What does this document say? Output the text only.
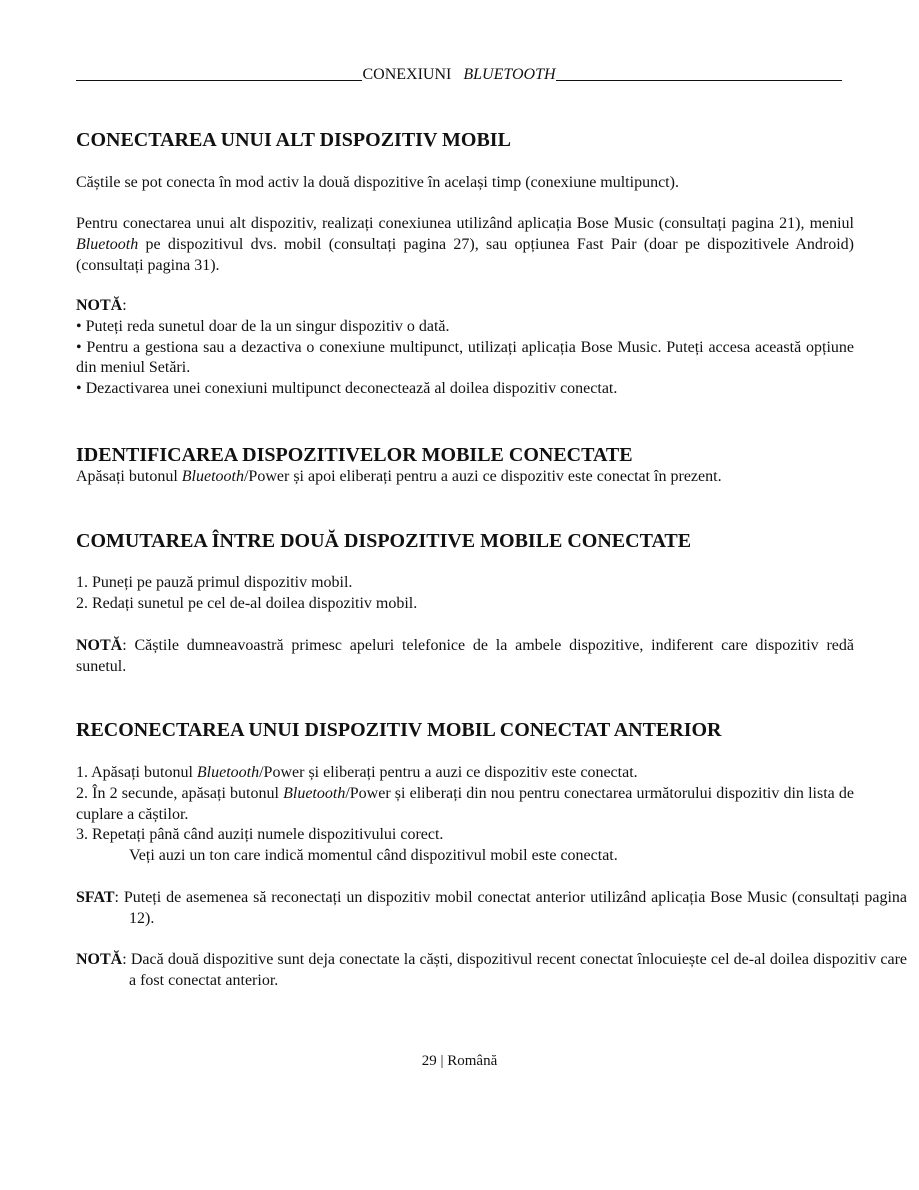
CONEXIUNI BLUETOOTH
CONECTAREA UNUI ALT DISPOZITIV MOBIL
Căștile se pot conecta în mod activ la două dispozitive în același timp (conexiune multipunct).
Pentru conectarea unui alt dispozitiv, realizați conexiunea utilizând aplicația Bose Music (consultați pagina 21), meniul Bluetooth pe dispozitivul dvs. mobil (consultați pagina 27), sau opțiunea Fast Pair (doar pe dispozitivele Android) (consultați pagina 31).
NOTĂ:
• Puteți reda sunetul doar de la un singur dispozitiv o dată.
• Pentru a gestiona sau a dezactiva o conexiune multipunct, utilizați aplicația Bose Music. Puteți accesa această opțiune din meniul Setări.
• Dezactivarea unei conexiuni multipunct deconectează al doilea dispozitiv conectat.
IDENTIFICAREA DISPOZITIVELOR MOBILE CONECTATE
Apăsați butonul Bluetooth/Power și apoi eliberați pentru a auzi ce dispozitiv este conectat în prezent.
COMUTAREA ÎNTRE DOUĂ DISPOZITIVE MOBILE CONECTATE
1. Puneți pe pauză primul dispozitiv mobil.
2. Redați sunetul pe cel de-al doilea dispozitiv mobil.
NOTĂ: Căștile dumneavoastră primesc apeluri telefonice de la ambele dispozitive, indiferent care dispozitiv redă sunetul.
RECONECTAREA UNUI DISPOZITIV MOBIL CONECTAT ANTERIOR
1. Apăsați butonul Bluetooth/Power și eliberați pentru a auzi ce dispozitiv este conectat.
2. În 2 secunde, apăsați butonul Bluetooth/Power și eliberați din nou pentru conectarea următorului dispozitiv din lista de cuplare a căștilor.
3. Repetați până când auziți numele dispozitivului corect.
Veți auzi un ton care indică momentul când dispozitivul mobil este conectat.
SFAT: Puteți de asemenea să reconectați un dispozitiv mobil conectat anterior utilizând aplicația Bose Music (consultați pagina 12).
NOTĂ: Dacă două dispozitive sunt deja conectate la căști, dispozitivul recent conectat înlocuiește cel de-al doilea dispozitiv care a fost conectat anterior.
29 | Română
